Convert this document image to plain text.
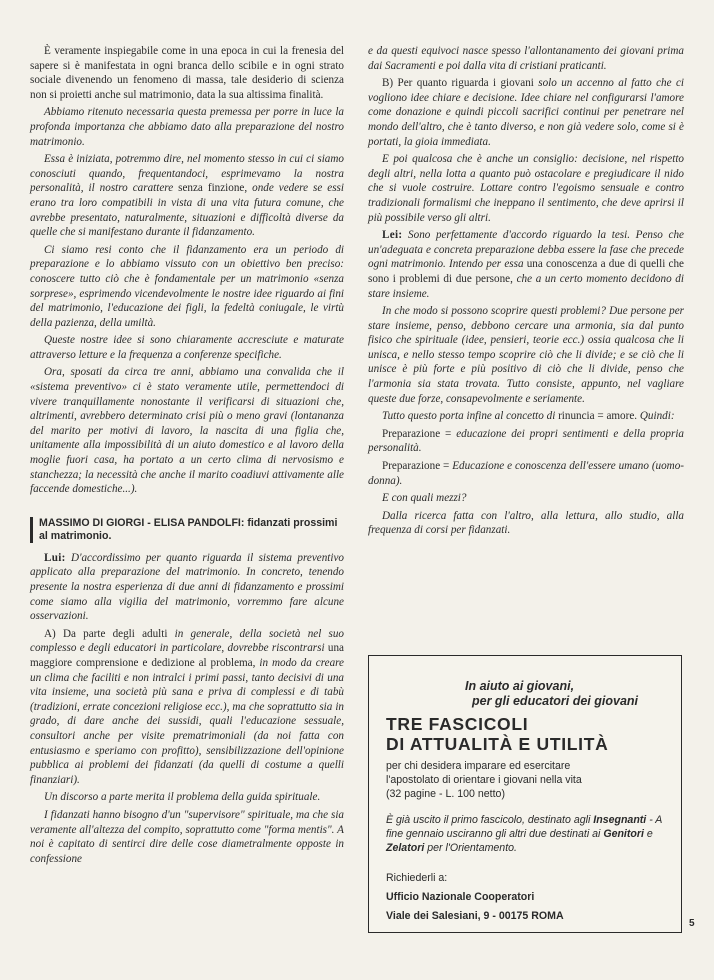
È veramente inspiegabile come in una epoca in cui la frenesia del sapere si è manifestata in ogni branca dello scibile e in ogni strato sociale divenendo un fenomeno di massa, tale desiderio di scienza non si proietti anche sul matrimonio, data la sua altissima finalità.

Abbiamo ritenuto necessaria questa premessa per porre in luce la profonda importanza che abbiamo dato alla preparazione del nostro matrimonio.

Essa è iniziata, potremmo dire, nel momento stesso in cui ci siamo conosciuti quando, frequentandoci, esprimevamo la nostra personalità, il nostro carattere senza finzione, onde vedere se essi erano tra loro compatibili in vista di una vita futura comune, che avrebbe presentato, naturalmente, situazioni e difficoltà diverse da quelle che si manifestano durante il fidanzamento.

Ci siamo resi conto che il fidanzamento era un periodo di preparazione e lo abbiamo vissuto con un obiettivo ben preciso: conoscere tutto ciò che è fondamentale per un matrimonio «senza sorprese», esprimendo vicendevolmente le nostre idee riguardo ai fini del matrimonio, l'educazione dei figli, la fedeltà coniugale, le virtù della pazienza, della umiltà.

Queste nostre idee si sono chiaramente accresciute e maturate attraverso letture e la frequenza a conferenze specifiche.

Ora, sposati da circa tre anni, abbiamo una convalida che il «sistema preventivo» ci è stato veramente utile, permettendoci di vivere tranquillamente nonostante il verificarsi di situazioni che, altrimenti, avrebbero determinato crisi più o meno gravi (lontananza del marito per motivi di lavoro, la nascita di una figlia che, unitamente alla impossibilità di un aiuto domestico e al lavoro della moglie fuori casa, ha portato a un certo clima di nervosismo e stanchezza; la necessità che anche il marito coadiuvi attivamente alle faccende domestiche...).

MASSIMO DI GIORGI - ELISA PANDOLFI: fidanzati prossimi al matrimonio.

Lui: D'accordissimo per quanto riguarda il sistema preventivo applicato alla preparazione del matrimonio. In concreto, tenendo presente la nostra esperienza di due anni di fidanzamento e prossimi come siamo alla vigilia del matrimonio, vorremmo fare alcune osservazioni.

A) Da parte degli adulti in generale, della società nel suo complesso e degli educatori in particolare, dovrebbe riscontrarsi una maggiore comprensione e dedizione al problema, in modo da creare un clima che faciliti e non intralci i primi passi, tanto decisivi di una vita insieme, una società più sana e priva di complessi e di tabù (tradizioni, errate concezioni religiose ecc.), ma che soprattutto sia in grado, di dare anche dei sussidi, quali l'educazione sessuale, consultori anche per visite prematrimoniali (da noi fatta con entusiasmo e speriamo con profitto), sensibilizzazione dell'opinione pubblica ai problemi dei fidanzati (da quelli di costume a quelli finanziari).

Un discorso a parte merita il problema della guida spirituale.

I fidanzati hanno bisogno d'un "supervisore" spirituale, ma che sia veramente all'altezza del compito, soprattutto come "forma mentis". A noi è capitato di sentirci dire delle cose diametralmente opposte in confessione

e da questi equivoci nasce spesso l'allontanamento dei giovani prima dai Sacramenti e poi dalla vita di cristiani praticanti.

B) Per quanto riguarda i giovani solo un accenno al fatto che ci vogliono idee chiare e decisione. Idee chiare nel configurarsi l'amore come donazione e quindi piccoli sacrifici continui per penetrare nel mondo dell'altro, che è tanto diverso, e non già vedere solo, come si è portati, la gioia immediata.

E poi qualcosa che è anche un consiglio: decisione, nel rispetto degli altri, nella lotta a quanto può ostacolare e pregiudicare il nido che si vuole costruire. Lottare contro l'egoismo sensuale e contro tradizionali formalismi che ineppano il sentimento, che deve aprirsi il più possibile verso gli altri.

Lei: Sono perfettamente d'accordo riguardo la tesi. Penso che un'adeguata e concreta preparazione debba essere la fase che precede ogni matrimonio. Intendo per essa una conoscenza a due di quelli che sono i problemi di due persone, che a un certo momento decidono di stare insieme.

In che modo si possono scoprire questi problemi? Due persone per stare insieme, penso, debbono cercare una armonia, sia dal punto fisico che spirituale (idee, pensieri, teorie ecc.) ossia qualcosa che li unisca, e nello stesso tempo scoprire ciò che li divide; e se ciò che li unisce è più forte e più positivo di ciò che li divide, penso che l'armonia sia stata trovata. Tutto consiste, appunto, nel vagliare queste due forze, consapevolmente e seriamente.

Tutto questo porta infine al concetto di rinuncia = amore. Quindi:

Preparazione = educazione dei propri sentimenti e della propria personalità.

Preparazione = Educazione e conoscenza dell'essere umano (uomo-donna).

E con quali mezzi?

Dalla ricerca fatta con l'altro, alla lettura, allo studio, alla frequenza di corsi per fidanzati.

In aiuto ai giovani,
per gli educatori dei giovani
TRE FASCICOLI
DI ATTUALITÀ E UTILITÀ
per chi desidera imparare ed esercitare
l'apostolato di orientare i giovani nella vita
(32 pagine - L. 100 netto)
È già uscito il primo fascicolo, destinato agli Insegnanti - A fine gennaio usciranno gli altri due destinati ai Genitori e Zelatori per l'Orientamento.
Richiederli a:
Ufficio Nazionale Cooperatori
Viale dei Salesiani, 9 - 00175 ROMA
5
